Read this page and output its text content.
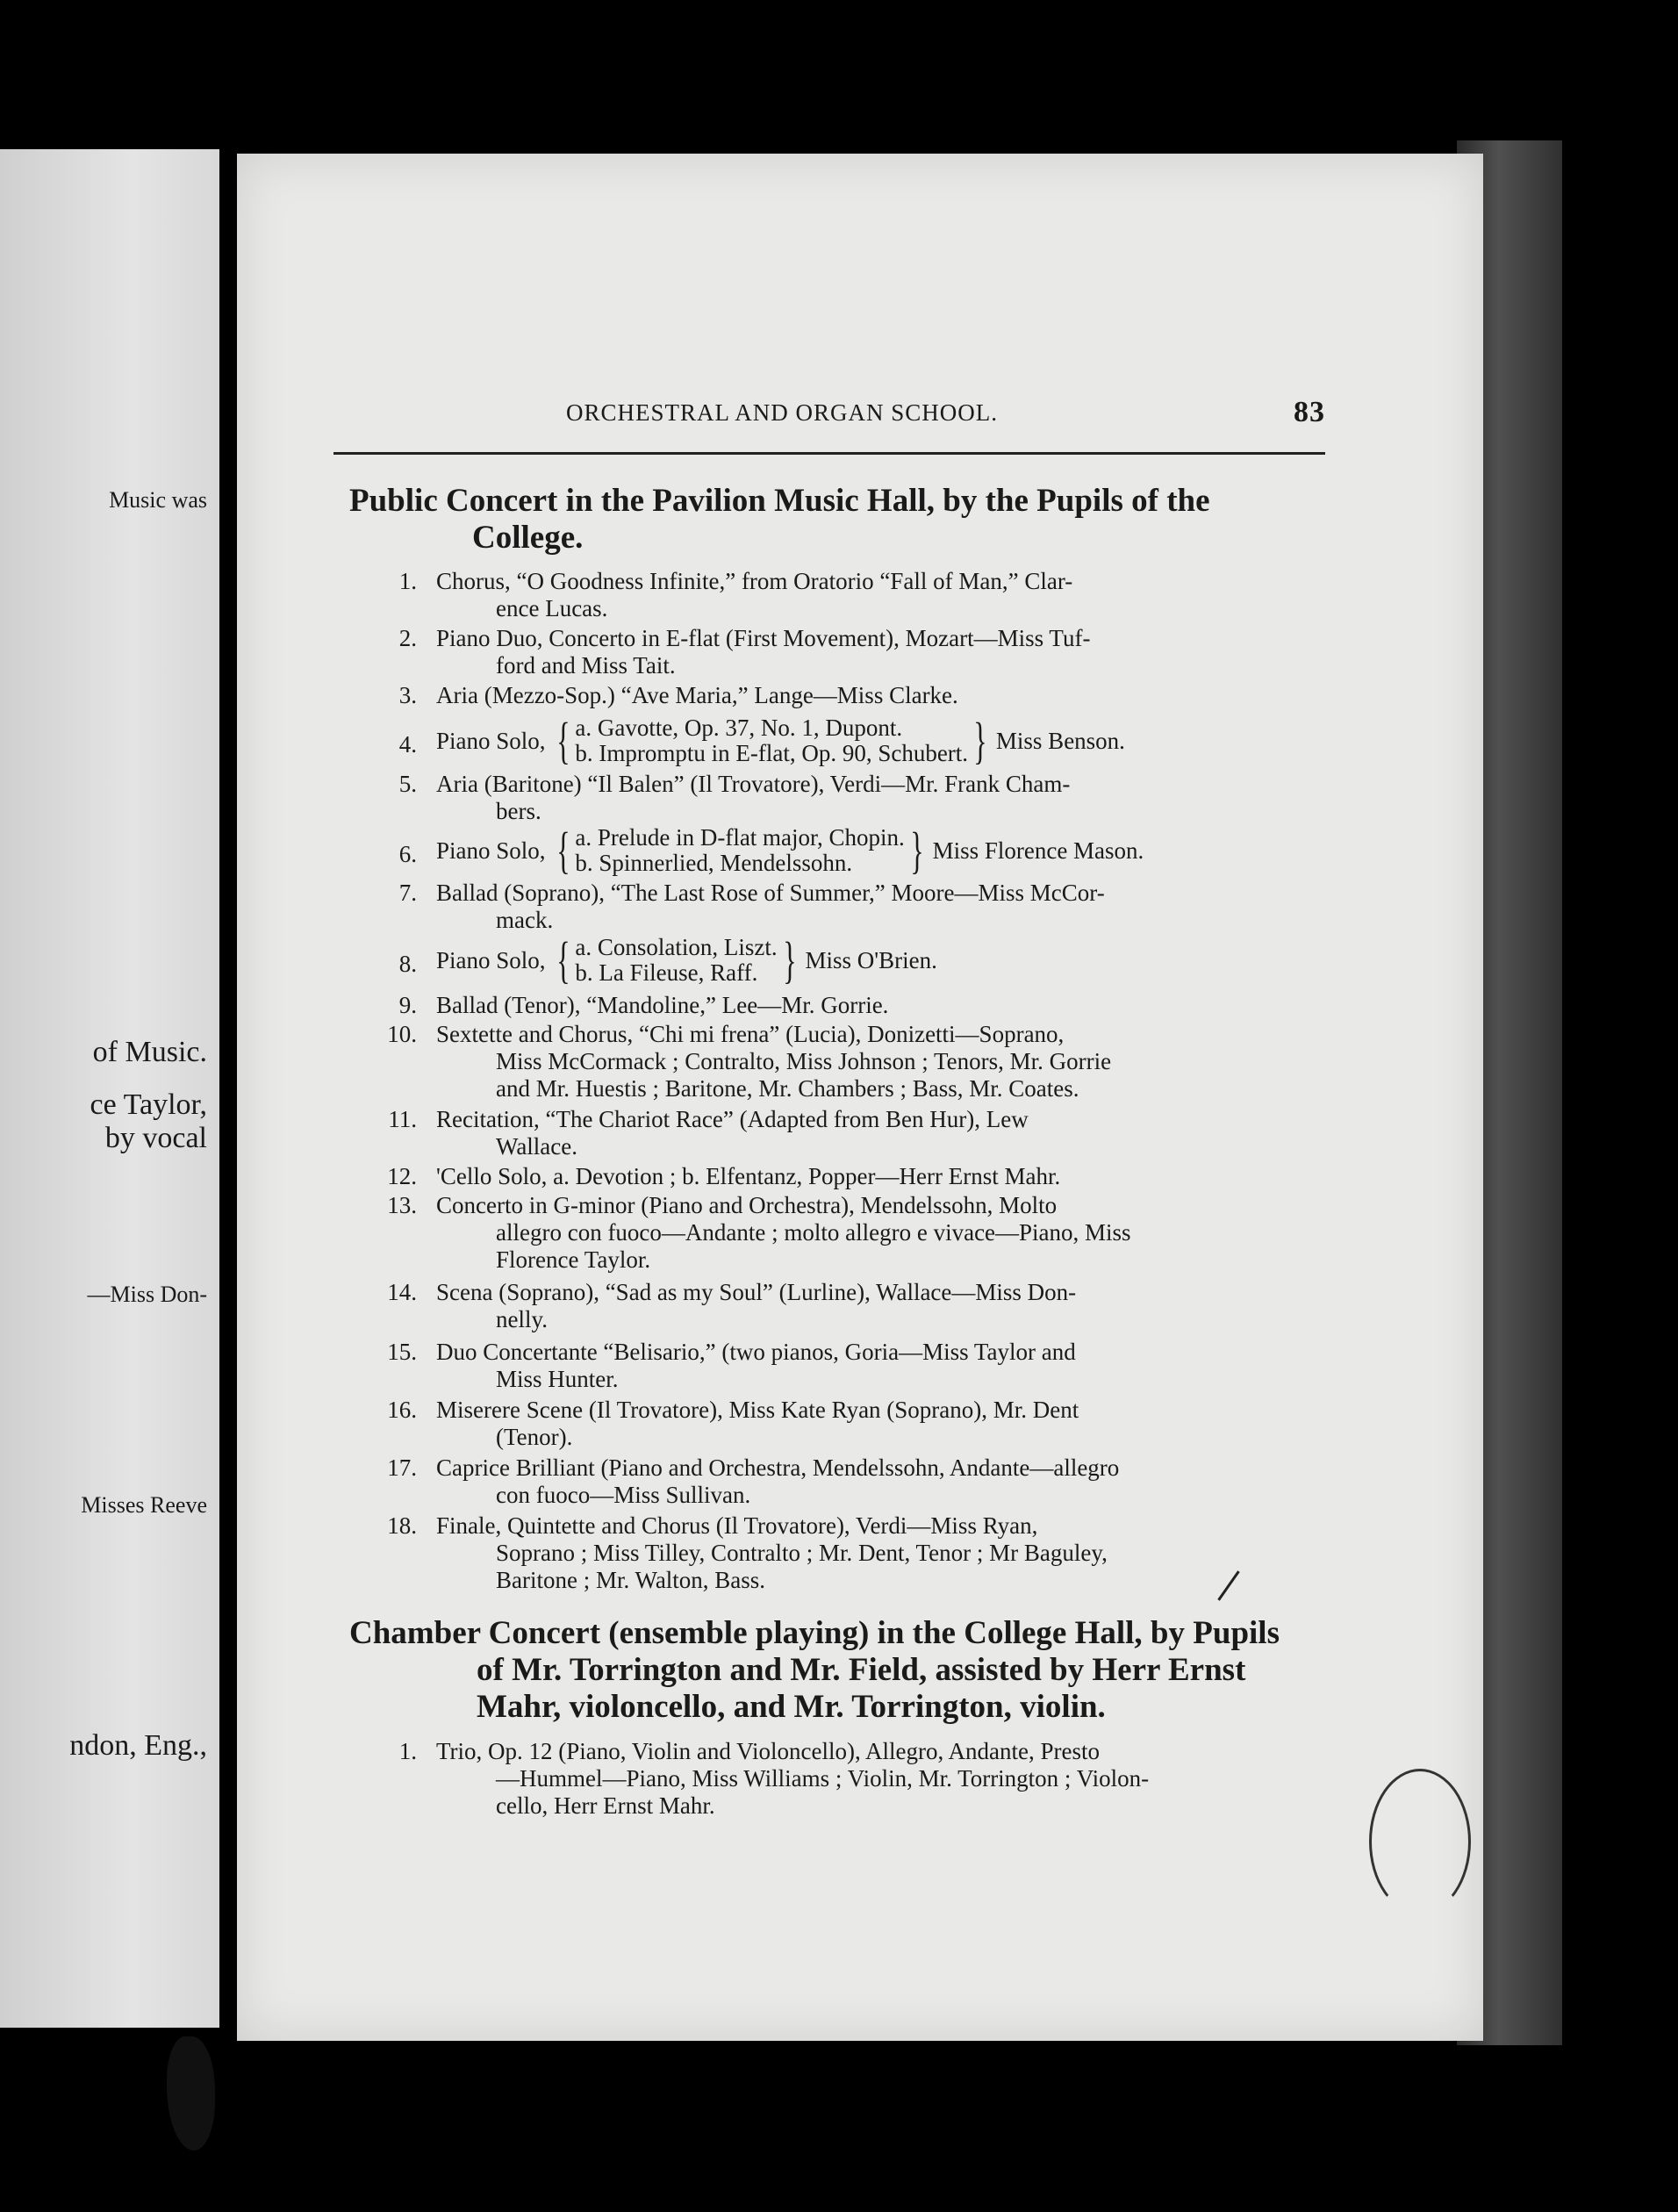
Music was
of Music.
ce Taylor,
by vocal
—Miss Don-
Misses Reeve
ndon, Eng.,
ORCHESTRAL AND ORGAN SCHOOL.	83
Public Concert in the Pavilion Music Hall, by the Pupils of the
College.
1. Chorus, “O Goodness Infinite,” from Oratorio “Fall of Man,” Clar-
ence Lucas.
2. Piano Duo, Concerto in E-flat (First Movement), Mozart—Miss Tuf-
ford and Miss Tait.
3. Aria (Mezzo-Sop.) “Ave Maria,” Lange—Miss Clarke.
4. Piano Solo, { a. Gavotte, Op. 37, No. 1, Dupont.
b. Impromptu in E-flat, Op. 90, Schubert. } Miss Benson.
5. Aria (Baritone) “Il Balen” (Il Trovatore), Verdi—Mr. Frank Cham-
bers.
6. Piano Solo, { a. Prelude in D-flat major, Chopin.
b. Spinnerlied, Mendelssohn.	} Miss Florence Mason.
7. Ballad (Soprano), “The Last Rose of Summer,” Moore—Miss McCor-
mack.
8. Piano Solo, { a. Consolation, Liszt.
b. La Fileuse, Raff. } Miss O'Brien.
9. Ballad (Tenor), “Mandoline,” Lee—Mr. Gorrie.
10. Sextette and Chorus, “Chi mi frena” (Lucia), Donizetti—Soprano,
Miss McCormack ; Contralto, Miss Johnson ; Tenors, Mr. Gorrie
and Mr. Huestis ; Baritone, Mr. Chambers ; Bass, Mr. Coates.
11. Recitation, “The Chariot Race” (Adapted from Ben Hur), Lew
Wallace.
12. 'Cello Solo, a. Devotion ; b. Elfentanz, Popper—Herr Ernst Mahr.
13. Concerto in G-minor (Piano and Orchestra), Mendelssohn, Molto
allegro con fuoco—Andante ; molto allegro e vivace—Piano, Miss
Florence Taylor.
14. Scena (Soprano), “Sad as my Soul” (Lurline), Wallace—Miss Don-
nelly.
15. Duo Concertante “Belisario,” (two pianos, Goria—Miss Taylor and
Miss Hunter.
16. Miserere Scene (Il Trovatore), Miss Kate Ryan (Soprano), Mr. Dent
(Tenor).
17. Caprice Brilliant (Piano and Orchestra, Mendelssohn, Andante—allegro
con fuoco—Miss Sullivan.
18. Finale, Quintette and Chorus (Il Trovatore), Verdi—Miss Ryan,
Soprano ; Miss Tilley, Contralto ; Mr. Dent, Tenor ; Mr Baguley,
Baritone ; Mr. Walton, Bass.
Chamber Concert (ensemble playing) in the College Hall, by Pupils
of Mr. Torrington and Mr. Field, assisted by Herr Ernst
Mahr, violoncello, and Mr. Torrington, violin.
1. Trio, Op. 12 (Piano, Violin and Violoncello), Allegro, Andante, Presto
—Hummel—Piano, Miss Williams ; Violin, Mr. Torrington ; Violon-
cello, Herr Ernst Mahr.
